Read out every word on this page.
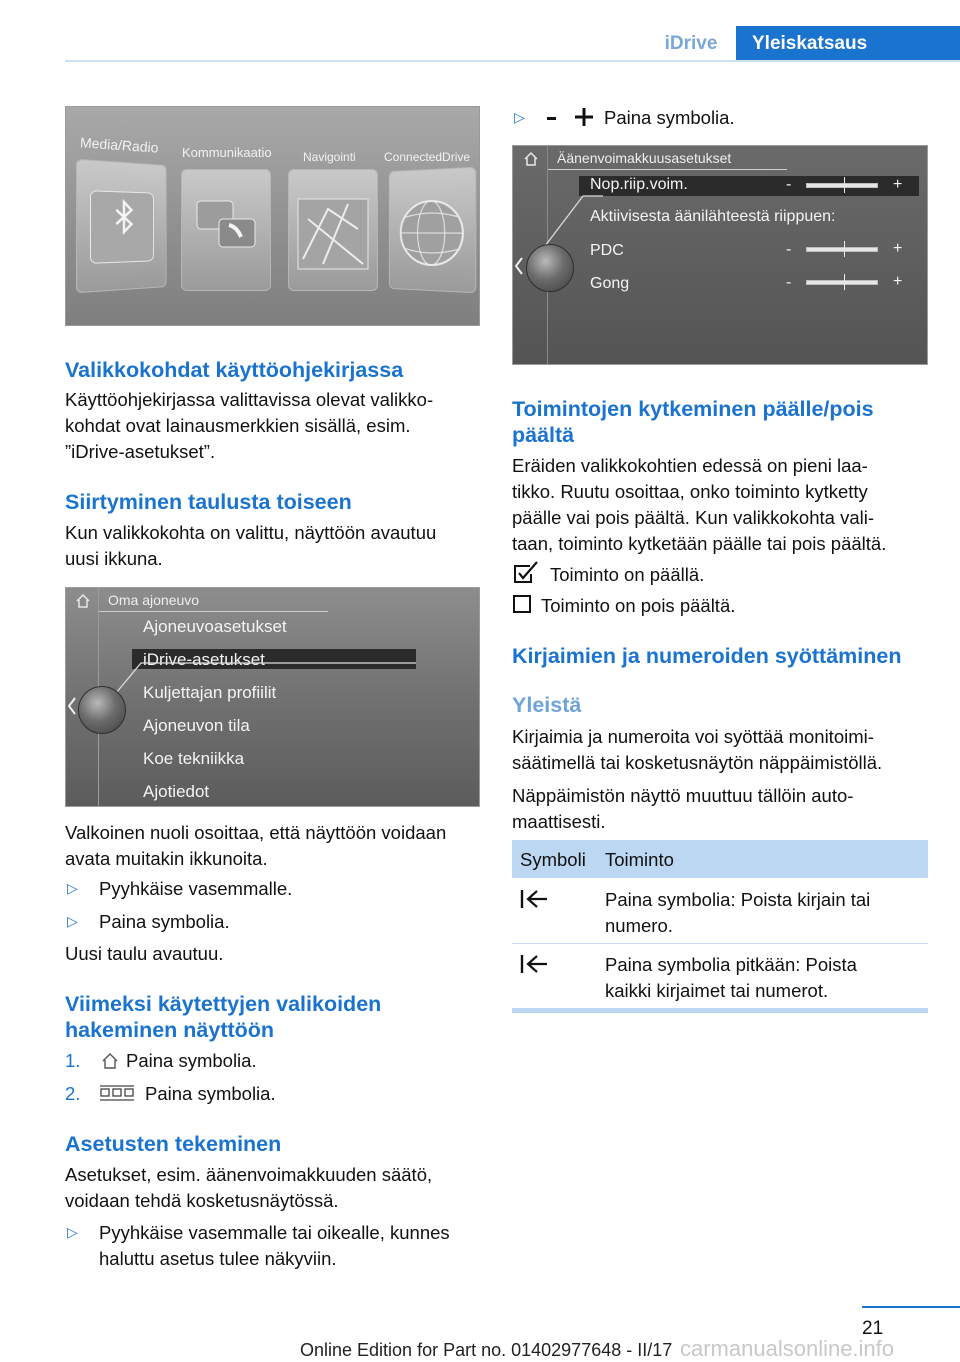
iDrive	Yleiskatsaus
Media/Radio Kommunikaatio	Navigointi ConnectedDrive
Valikkokohdat käyttöohjekirjassa
Käyttöohjekirjassa valittavissa olevat valikko-
kohdat ovat lainausmerkkien sisällä, esim.
”iDrive-asetukset”.
Siirtyminen taulusta toiseen
Kun valikkokohta on valittu, näyttöön avautuu
uusi ikkuna.
Oma ajoneuvo
Ajoneuvoasetukset
iDrive-asetukset
Kuljettajan profiilit
Ajoneuvon tila
Koe tekniikka
Ajotiedot
Valkoinen nuoli osoittaa, että näyttöön voidaan
avata muitakin ikkunoita.
▷ Pyyhkäise vasemmalle.
▷ Paina symbolia.
Uusi taulu avautuu.
Viimeksi käytettyjen valikoiden
hakeminen näyttöön
1. Paina symbolia.
2.	Paina symbolia.
Asetusten tekeminen
Asetukset, esim. äänenvoimakkuuden säätö,
voidaan tehdä kosketusnäytössä.
▷ Pyyhkäise vasemmalle tai oikealle, kunnes
haluttu asetus tulee näkyviin.
▷	Paina symbolia.
Äänenvoimakkuusasetukset
Nop.riip.voim.	-	+
Aktiivisesta äänilähteestä riippuen:
PDC	-	+
Gong	-	+
Toimintojen kytkeminen päälle/pois
päältä
Eräiden valikkokohtien edessä on pieni laa-
tikko. Ruutu osoittaa, onko toiminto kytketty
päälle vai pois päältä. Kun valikkokohta vali-
taan, toiminto kytketään päälle tai pois päältä.
Toiminto on päällä.
Toiminto on pois päältä.
Kirjaimien ja numeroiden syöttäminen
Yleistä
Kirjaimia ja numeroita voi syöttää monitoimi-
säätimellä tai kosketusnäytön näppäimistöllä.
Näppäimistön näyttö muuttuu tällöin auto-
maattisesti.
Symboli Toiminto
Paina symbolia: Poista kirjain tai
numero.
Paina symbolia pitkään: Poista
kaikki kirjaimet tai numerot.
21
carmanualsonline.info
Online Edition for Part no. 01402977648 - II/17
